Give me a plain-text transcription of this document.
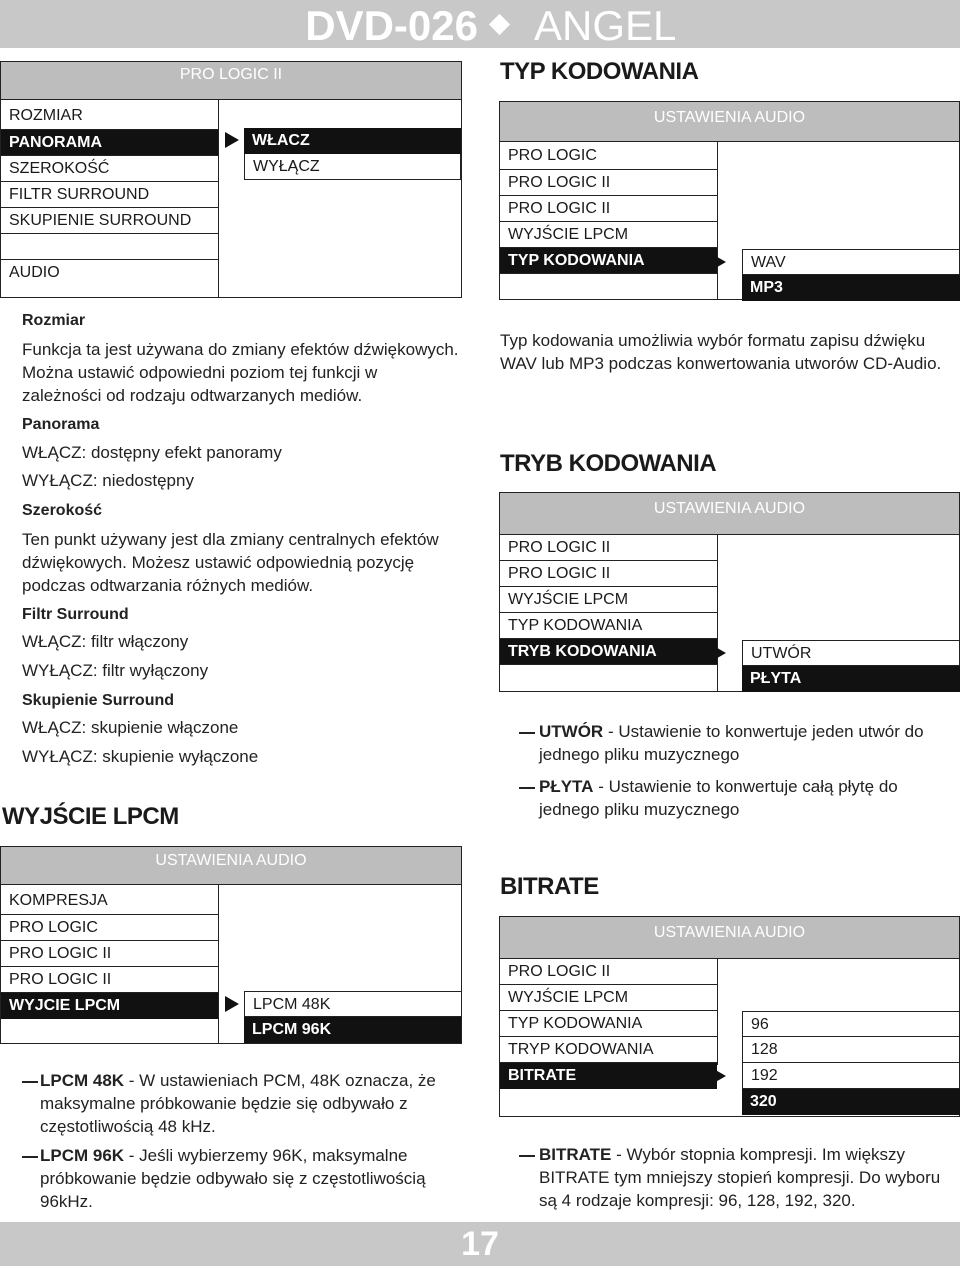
DVD-026 ANGEL
PRO LOGIC II
ROZMIAR
PANORAMA
SZEROKOŚĆ
FILTR SURROUND
SKUPIENIE SURROUND
AUDIO
WŁACZ
WYŁĄCZ
Rozmiar
Funkcja ta jest używana do zmiany efektów dźwiękowych. Można ustawić odpowiedni poziom tej funkcji w zależności od rodzaju odtwarzanych mediów.
Panorama
WŁĄCZ: dostępny efekt panoramy
WYŁĄCZ: niedostępny
Szerokość
Ten punkt używany jest dla zmiany centralnych efektów dźwiękowych. Możesz ustawić odpowiednią pozycję podczas odtwarzania różnych mediów.
Filtr Surround
WŁĄCZ: filtr włączony
WYŁĄCZ: filtr wyłączony
Skupienie Surround
WŁĄCZ: skupienie włączone
WYŁĄCZ: skupienie wyłączone
WYJŚCIE LPCM
USTAWIENIA AUDIO
KOMPRESJA
PRO LOGIC
PRO LOGIC II
PRO LOGIC II
WYJCIE LPCM	LPCM 48K
LPCM 96K
LPCM 48K - W ustawieniach PCM, 48K oznacza, że maksymalne próbkowanie będzie się odbywało z częstotliwością 48 kHz.
LPCM 96K - Jeśli wybierzemy 96K, maksymalne próbkowanie będzie odbywało się z częstotliwością 96kHz.
TYP KODOWANIA
USTAWIENIA AUDIO
PRO LOGIC
PRO LOGIC II
PRO LOGIC II
WYJŚCIE LPCM
TYP KODOWANIA	WAV
MP3
Typ kodowania umożliwia wybór formatu zapisu dźwięku WAV lub MP3 podczas konwertowania utworów CD-Audio.
TRYB KODOWANIA
USTAWIENIA AUDIO
PRO LOGIC II
PRO LOGIC II
WYJŚCIE LPCM
TYP KODOWANIA
TRYB KODOWANIA	UTWÓR
PŁYTA
UTWÓR - Ustawienie to konwertuje jeden utwór do jednego pliku muzycznego
PŁYTA - Ustawienie to konwertuje całą płytę do jednego pliku muzycznego
BITRATE
USTAWIENIA AUDIO
PRO LOGIC II
WYJŚCIE LPCM
TYP KODOWANIA
TRYP KODOWANIA
BITRATE
96
128
192
320
BITRATE - Wybór stopnia kompresji. Im większy BITRATE tym mniejszy stopień kompresji. Do wyboru są 4 rodzaje kompresji: 96, 128, 192, 320.
17
